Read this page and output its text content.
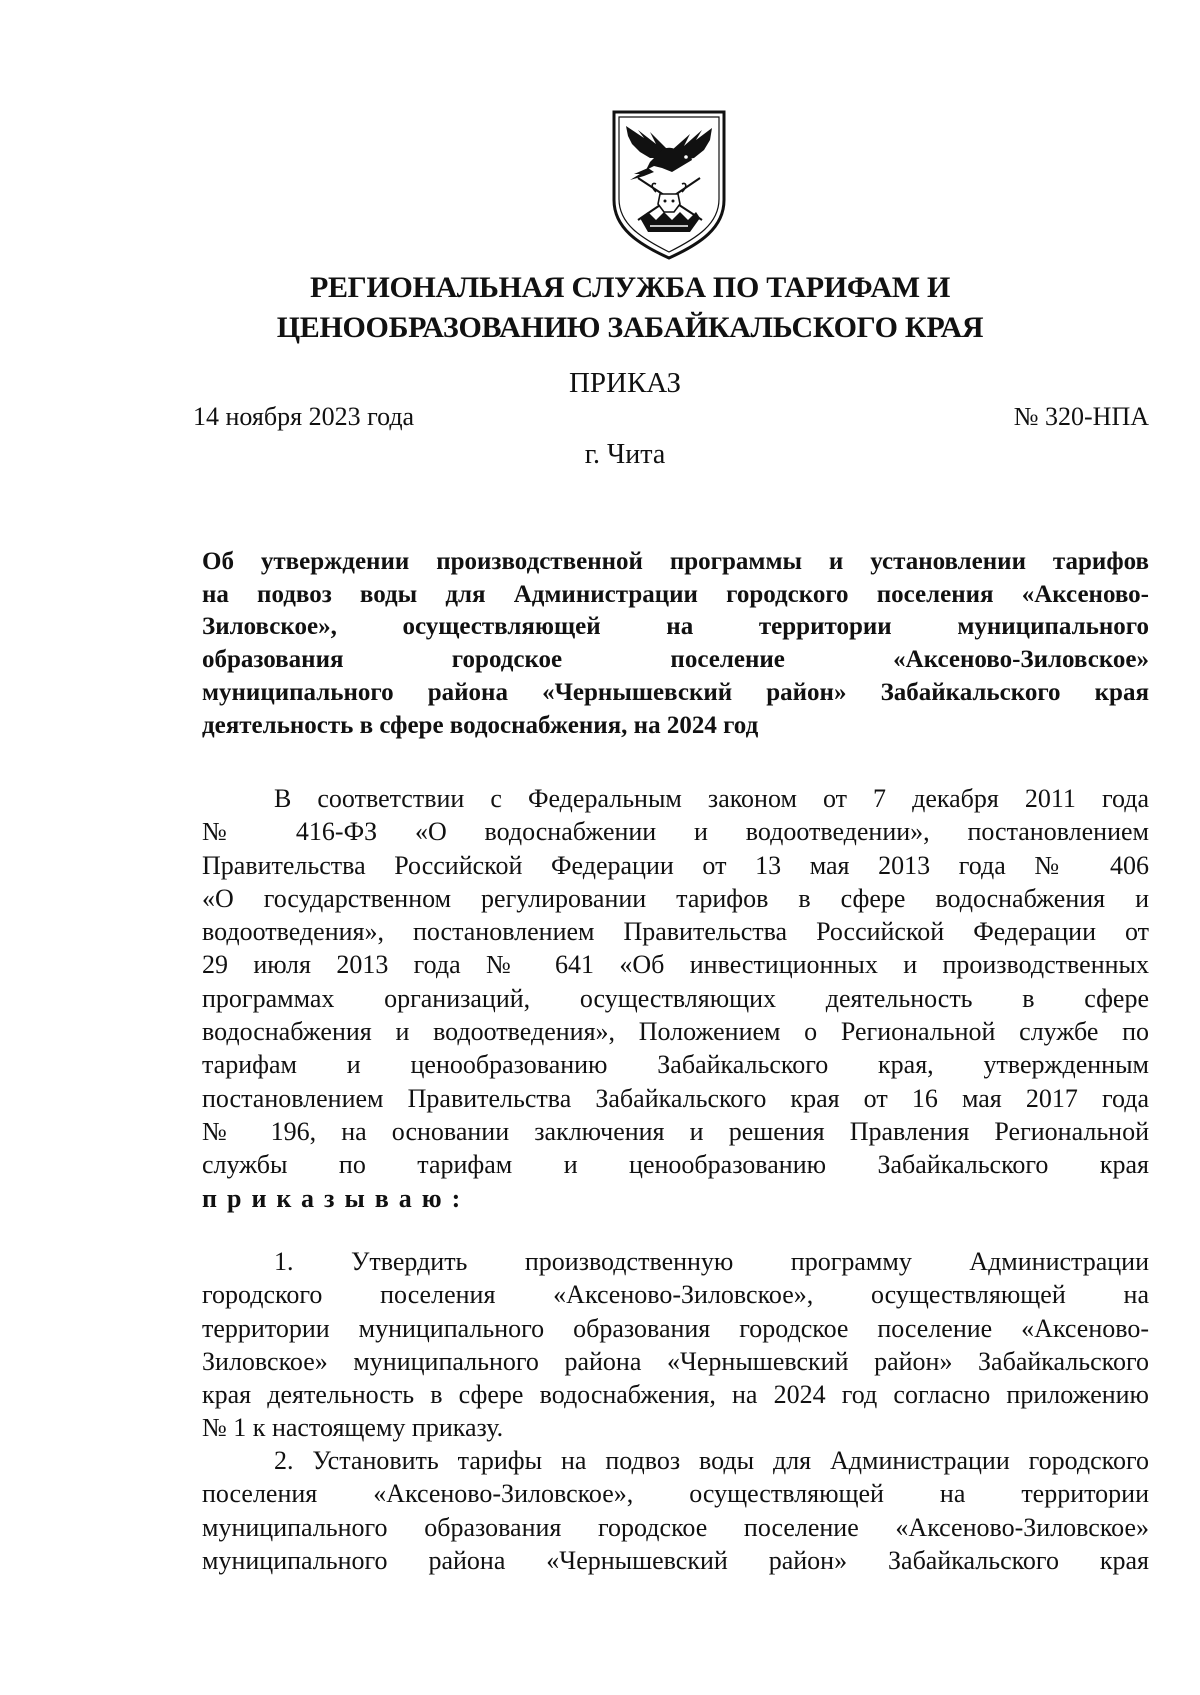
РЕГИОНАЛЬНАЯ СЛУЖБА ПО ТАРИФАМ И
ЦЕНООБРАЗОВАНИЮ ЗАБАЙКАЛЬСКОГО КРАЯ
ПРИКАЗ
14 ноября 2023 года	№ 320-НПА
г. Чита
Об утверждении производственной программы и установлении тарифов
на подвоз воды для Администрации городского поселения «Аксеново-
Зиловское», осуществляющей на территории муниципального
образования городское поселение «Аксеново-Зиловское»
муниципального района «Чернышевский район» Забайкальского края
деятельность в сфере водоснабжения, на 2024 год
В соответствии с Федеральным законом от 7 декабря 2011 года
№ 416-ФЗ «О водоснабжении и водоотведении», постановлением
Правительства Российской Федерации от 13 мая 2013 года № 406
«О государственном регулировании тарифов в сфере водоснабжения и
водоотведения», постановлением Правительства Российской Федерации от
29 июля 2013 года № 641 «Об инвестиционных и производственных
программах организаций, осуществляющих деятельность в сфере
водоснабжения и водоотведения», Положением о Региональной службе по
тарифам и ценообразованию Забайкальского края, утвержденным
постановлением Правительства Забайкальского края от 16 мая 2017 года
№ 196, на основании заключения и решения Правления Региональной
службы по тарифам и ценообразованию Забайкальского края
приказываю:
1. Утвердить производственную программу Администрации
городского поселения «Аксеново-Зиловское», осуществляющей на
территории муниципального образования городское поселение «Аксеново-
Зиловское» муниципального района «Чернышевский район» Забайкальского
края деятельность в сфере водоснабжения, на 2024 год согласно приложению
№ 1 к настоящему приказу.
2. Установить тарифы на подвоз воды для Администрации городского
поселения «Аксеново-Зиловское», осуществляющей на территории
муниципального образования городское поселение «Аксеново-Зиловское»
муниципального района «Чернышевский район» Забайкальского края
